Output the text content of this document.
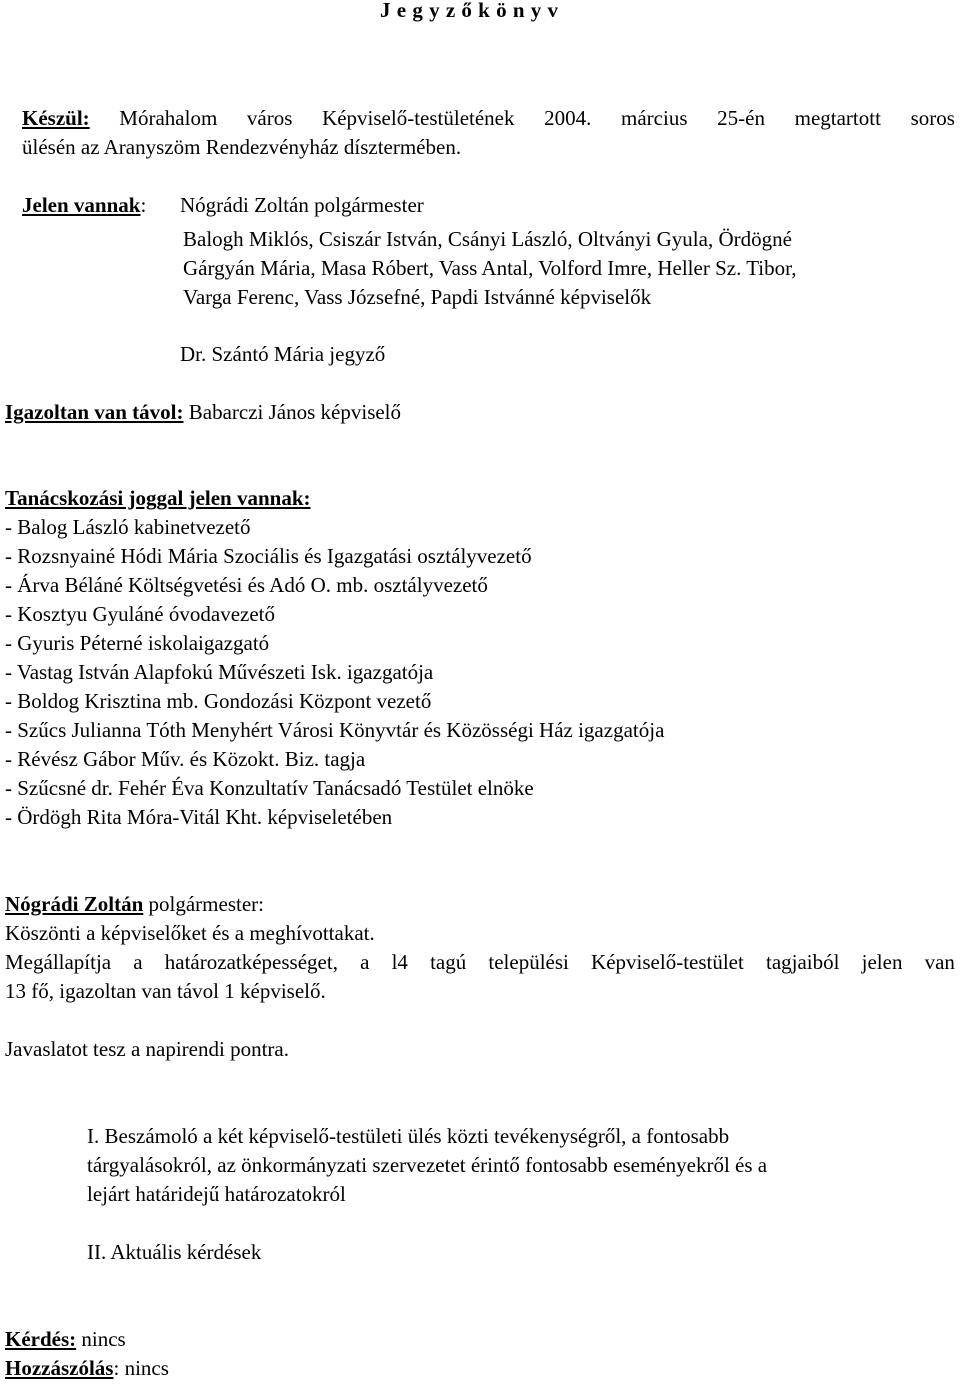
J e g y z ő k ö n y v
Készül: Mórahalom város Képviselő-testületének 2004. március 25-én megtartott soros
ülésén az Aranyszöm Rendezvényház dísztermében.
Jelen vannak: Nógrádi Zoltán polgármester
Balogh Miklós, Csiszár István, Csányi László, Oltványi Gyula, Ördögné
Gárgyán Mária, Masa Róbert, Vass Antal, Volford Imre, Heller Sz. Tibor,
Varga Ferenc, Vass Józsefné, Papdi Istvánné képviselők
Dr. Szántó Mária jegyző
Igazoltan van távol: Babarczi János képviselő
Tanácskozási joggal jelen vannak:
- Balog László kabinetvezető
- Rozsnyainé Hódi Mária Szociális és Igazgatási osztályvezető
- Árva Béláné Költségvetési és Adó O. mb. osztályvezető
- Kosztyu Gyuláné óvodavezető
- Gyuris Péterné iskolaigazgató
- Vastag István Alapfokú Művészeti Isk. igazgatója
- Boldog Krisztina mb. Gondozási Központ vezető
- Szűcs Julianna Tóth Menyhért Városi Könyvtár és Közösségi Ház igazgatója
- Révész Gábor Műv. és Közokt. Biz. tagja
- Szűcsné dr. Fehér Éva Konzultatív Tanácsadó Testület elnöke
- Ördögh Rita Móra-Vitál Kht. képviseletében
Nógrádi Zoltán polgármester:
Köszönti a képviselőket és a meghívottakat.
Megállapítja a határozatképességet, a l4 tagú települési Képviselő-testület tagjaiból jelen van
13 fő, igazoltan van távol 1 képviselő.
Javaslatot tesz a napirendi pontra.
I. Beszámoló a két képviselő-testületi ülés közti tevékenységről, a fontosabb
tárgyalásokról, az önkormányzati szervezetet érintő fontosabb eseményekről és a
lejárt határidejű határozatokról
II. Aktuális kérdések
Kérdés: nincs
Hozzászólás: nincs
